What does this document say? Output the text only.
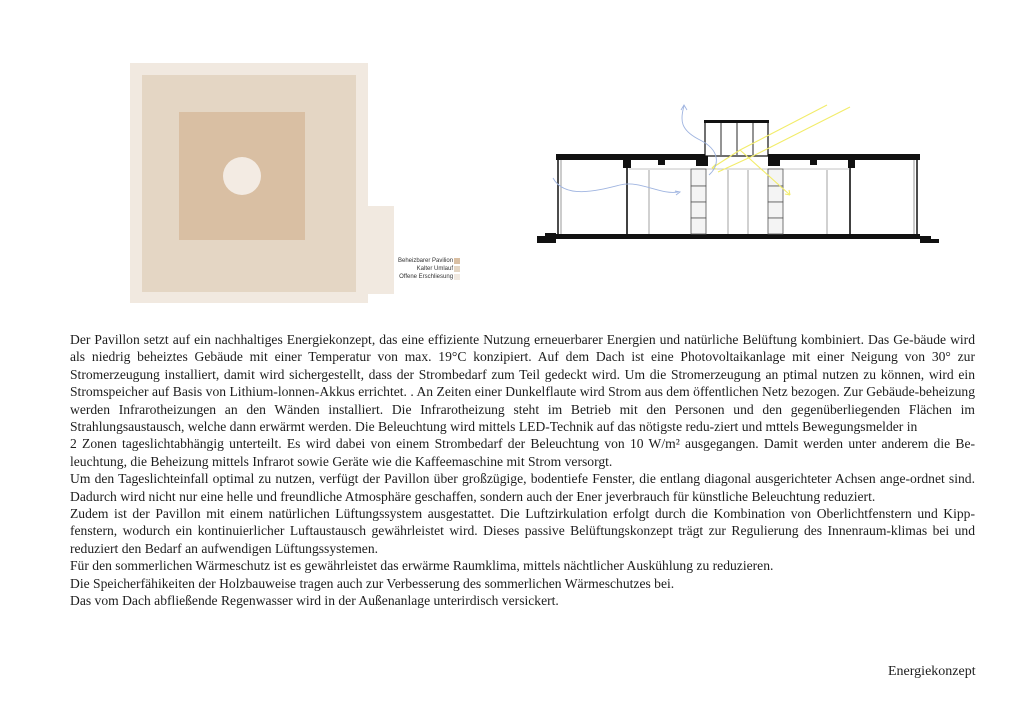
Beheizbarer Pavilion
Kalter Umlauf
Offene Erschliesung

Der Pavillon setzt auf ein nachhaltiges Energiekonzept, das eine effiziente Nutzung erneuerbarer Energien und natürliche Belüftung kombiniert. Das Ge-bäude wird als niedrig beheiztes Gebäude mit einer Temperatur von max. 19°C konzipiert. Auf dem Dach ist eine Photovoltaikanlage mit einer Neigung von 30° zur Stromerzeugung installiert, damit wird sichergestellt, dass der Strombedarf zum Teil gedeckt wird. Um die Stromerzeugung an ptimal nutzen zu können, wird ein Stromspeicher auf Basis von Lithium-lonnen-Akkus errichtet. . An Zeiten einer Dunkelflaute wird Strom aus dem öffentlichen Netz bezogen. Zur Gebäude-beheizung werden Infrarotheizungen an den Wänden installiert. Die Infrarotheizung steht im Betrieb mit den Personen und den gegenüberliegenden Flächen im Strahlungsaustausch, welche dann erwärmt werden. Die Beleuchtung wird mittels LED-Technik auf das nötigste redu-ziert und mttels Bewegungsmelder in

2 Zonen tageslichtabhängig unterteilt. Es wird dabei von einem Strombedarf der Beleuchtung von 10 W/m² ausgegangen. Damit werden unter anderem die Be-leuchtung, die Beheizung mittels Infrarot sowie Geräte wie die Kaffeemaschine mit Strom versorgt.

Um den Tageslichteinfall optimal zu nutzen, verfügt der Pavillon über großzügige, bodentiefe Fenster, die entlang diagonal ausgerichteter Achsen ange-ordnet sind. Dadurch wird nicht nur eine helle und freundliche Atmosphäre geschaffen, sondern auch der Ener jeverbrauch für künstliche Beleuchtung reduziert.

Zudem ist der Pavillon mit einem natürlichen Lüftungssystem ausgestattet. Die Luftzirkulation erfolgt durch die Kombination von Oberlichtfenstern und Kipp-fenstern, wodurch ein kontinuierlicher Luftaustausch gewährleistet wird. Dieses passive Belüftungskonzept trägt zur Regulierung des Innenraum-klimas bei und reduziert den Bedarf an aufwendigen Lüftungssystemen.

Für den sommerlichen Wärmeschutz ist es gewährleistet das erwärme Raumklima, mittels nächtlicher Auskühlung zu reduzieren.

Die Speicherfähikeiten der Holzbauweise tragen auch zur Verbesserung des sommerlichen Wärmeschutzes bei.

Das vom Dach abfließende Regenwasser wird in der Außenanlage unterirdisch versickert.

Energiekonzept
